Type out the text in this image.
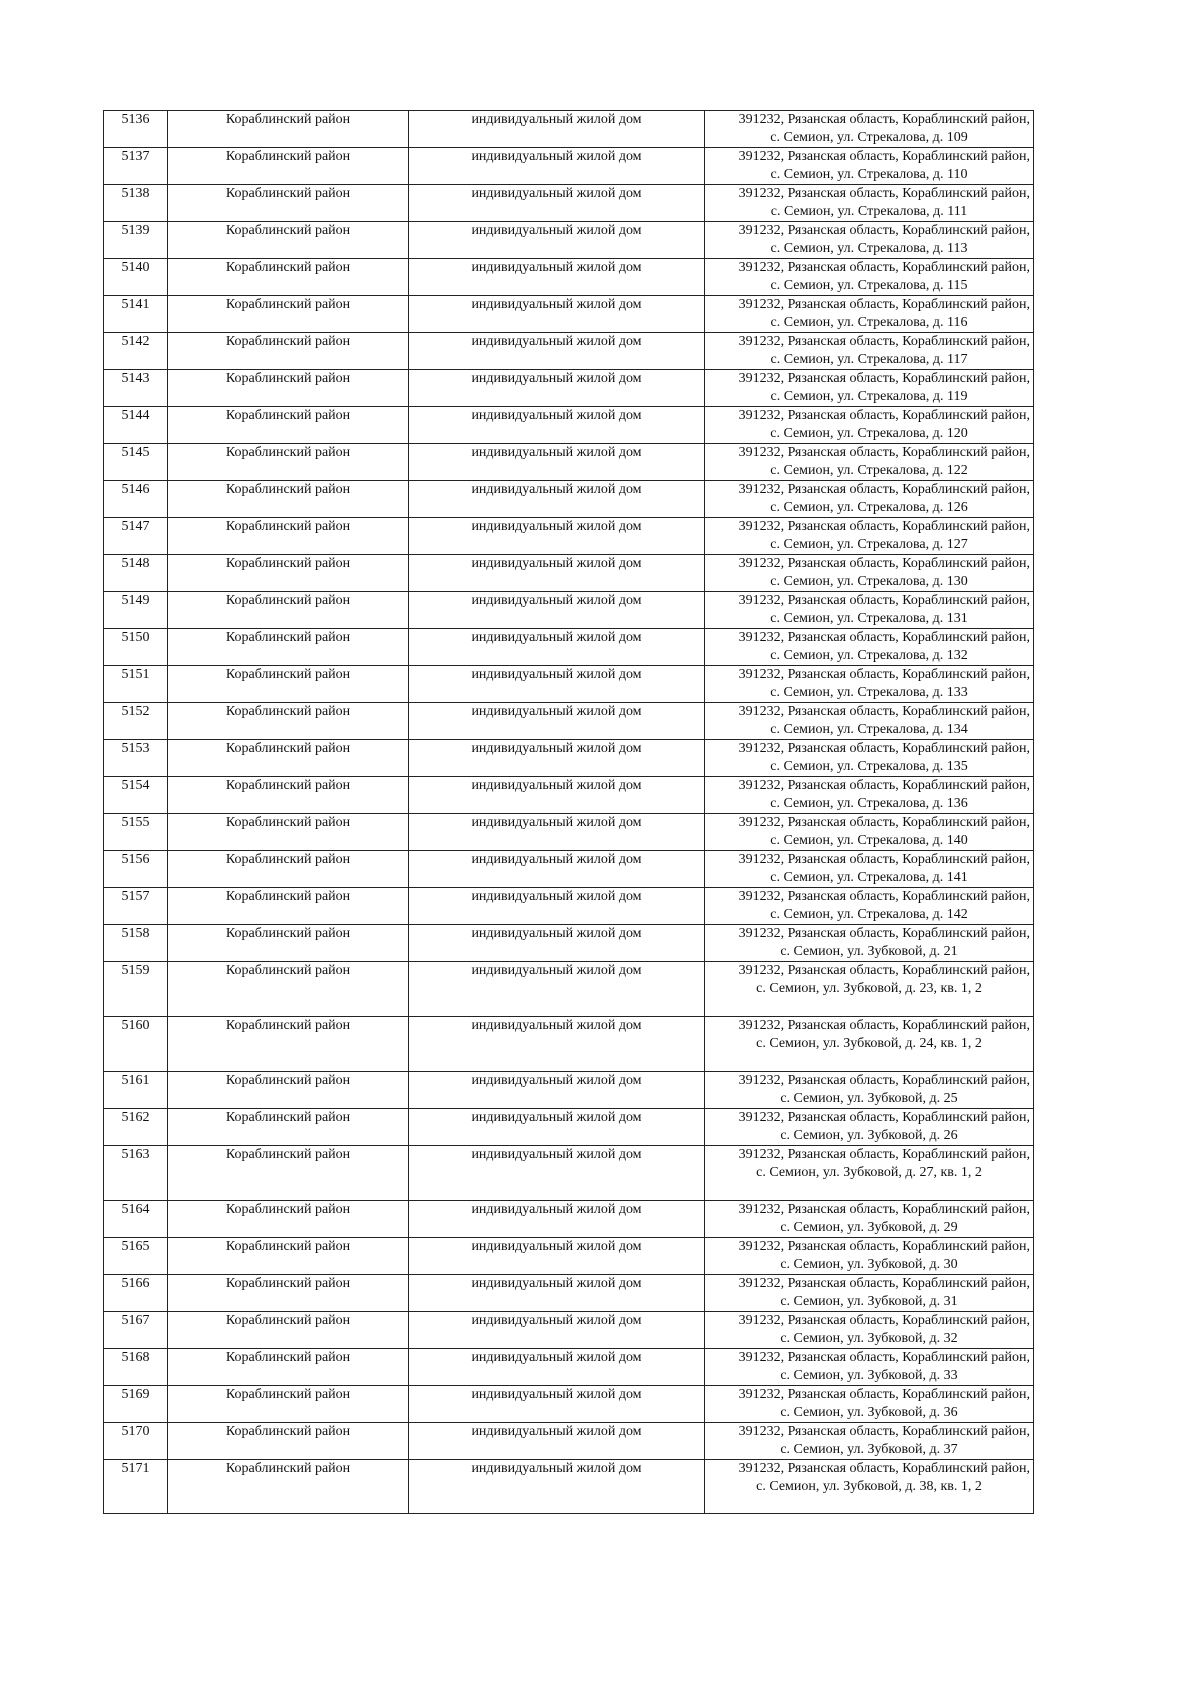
5136	Кораблинский район	индивидуальный жилой дом	391232, Рязанская область, Кораблинский район,
с. Семион, ул. Стрекалова, д. 109

5137	Кораблинский район	индивидуальный жилой дом	391232, Рязанская область, Кораблинский район,
с. Семион, ул. Стрекалова, д. 110

5138	Кораблинский район	индивидуальный жилой дом	391232, Рязанская область, Кораблинский район,
с. Семион, ул. Стрекалова, д. 111

5139	Кораблинский район	индивидуальный жилой дом	391232, Рязанская область, Кораблинский район,
с. Семион, ул. Стрекалова, д. 113

5140	Кораблинский район	индивидуальный жилой дом	391232, Рязанская область, Кораблинский район,
с. Семион, ул. Стрекалова, д. 115

5141	Кораблинский район	индивидуальный жилой дом	391232, Рязанская область, Кораблинский район,
с. Семион, ул. Стрекалова, д. 116

5142	Кораблинский район	индивидуальный жилой дом	391232, Рязанская область, Кораблинский район,
с. Семион, ул. Стрекалова, д. 117

5143	Кораблинский район	индивидуальный жилой дом	391232, Рязанская область, Кораблинский район,
с. Семион, ул. Стрекалова, д. 119

5144	Кораблинский район	индивидуальный жилой дом	391232, Рязанская область, Кораблинский район,
с. Семион, ул. Стрекалова, д. 120

5145	Кораблинский район	индивидуальный жилой дом	391232, Рязанская область, Кораблинский район,
с. Семион, ул. Стрекалова, д. 122

5146	Кораблинский район	индивидуальный жилой дом	391232, Рязанская область, Кораблинский район,
с. Семион, ул. Стрекалова, д. 126

5147	Кораблинский район	индивидуальный жилой дом	391232, Рязанская область, Кораблинский район,
с. Семион, ул. Стрекалова, д. 127

5148	Кораблинский район	индивидуальный жилой дом	391232, Рязанская область, Кораблинский район,
с. Семион, ул. Стрекалова, д. 130

5149	Кораблинский район	индивидуальный жилой дом	391232, Рязанская область, Кораблинский район,
с. Семион, ул. Стрекалова, д. 131

5150	Кораблинский район	индивидуальный жилой дом	391232, Рязанская область, Кораблинский район,
с. Семион, ул. Стрекалова, д. 132

5151	Кораблинский район	индивидуальный жилой дом	391232, Рязанская область, Кораблинский район,
с. Семион, ул. Стрекалова, д. 133

5152	Кораблинский район	индивидуальный жилой дом	391232, Рязанская область, Кораблинский район,
с. Семион, ул. Стрекалова, д. 134

5153	Кораблинский район	индивидуальный жилой дом	391232, Рязанская область, Кораблинский район,
с. Семион, ул. Стрекалова, д. 135

5154	Кораблинский район	индивидуальный жилой дом	391232, Рязанская область, Кораблинский район,
с. Семион, ул. Стрекалова, д. 136

5155	Кораблинский район	индивидуальный жилой дом	391232, Рязанская область, Кораблинский район,
с. Семион, ул. Стрекалова, д. 140

5156	Кораблинский район	индивидуальный жилой дом	391232, Рязанская область, Кораблинский район,
с. Семион, ул. Стрекалова, д. 141

5157	Кораблинский район	индивидуальный жилой дом	391232, Рязанская область, Кораблинский район,
с. Семион, ул. Стрекалова, д. 142

5158	Кораблинский район	индивидуальный жилой дом	391232, Рязанская область, Кораблинский район,
с. Семион, ул. Зубковой, д. 21

5159	Кораблинский район	индивидуальный жилой дом	391232, Рязанская область, Кораблинский район,
с. Семион, ул. Зубковой, д. 23, кв. 1, 2

5160	Кораблинский район	индивидуальный жилой дом	391232, Рязанская область, Кораблинский район,
с. Семион, ул. Зубковой, д. 24, кв. 1, 2

5161	Кораблинский район	индивидуальный жилой дом	391232, Рязанская область, Кораблинский район,
с. Семион, ул. Зубковой, д. 25

5162	Кораблинский район	индивидуальный жилой дом	391232, Рязанская область, Кораблинский район,
с. Семион, ул. Зубковой, д. 26

5163	Кораблинский район	индивидуальный жилой дом	391232, Рязанская область, Кораблинский район,
с. Семион, ул. Зубковой, д. 27, кв. 1, 2

5164	Кораблинский район	индивидуальный жилой дом	391232, Рязанская область, Кораблинский район,
с. Семион, ул. Зубковой, д. 29

5165	Кораблинский район	индивидуальный жилой дом	391232, Рязанская область, Кораблинский район,
с. Семион, ул. Зубковой, д. 30

5166	Кораблинский район	индивидуальный жилой дом	391232, Рязанская область, Кораблинский район,
с. Семион, ул. Зубковой, д. 31

5167	Кораблинский район	индивидуальный жилой дом	391232, Рязанская область, Кораблинский район,
с. Семион, ул. Зубковой, д. 32

5168	Кораблинский район	индивидуальный жилой дом	391232, Рязанская область, Кораблинский район,
с. Семион, ул. Зубковой, д. 33

5169	Кораблинский район	индивидуальный жилой дом	391232, Рязанская область, Кораблинский район,
с. Семион, ул. Зубковой, д. 36

5170	Кораблинский район	индивидуальный жилой дом	391232, Рязанская область, Кораблинский район,
с. Семион, ул. Зубковой, д. 37

5171	Кораблинский район	индивидуальный жилой дом	391232, Рязанская область, Кораблинский район,
с. Семион, ул. Зубковой, д. 38, кв. 1, 2
